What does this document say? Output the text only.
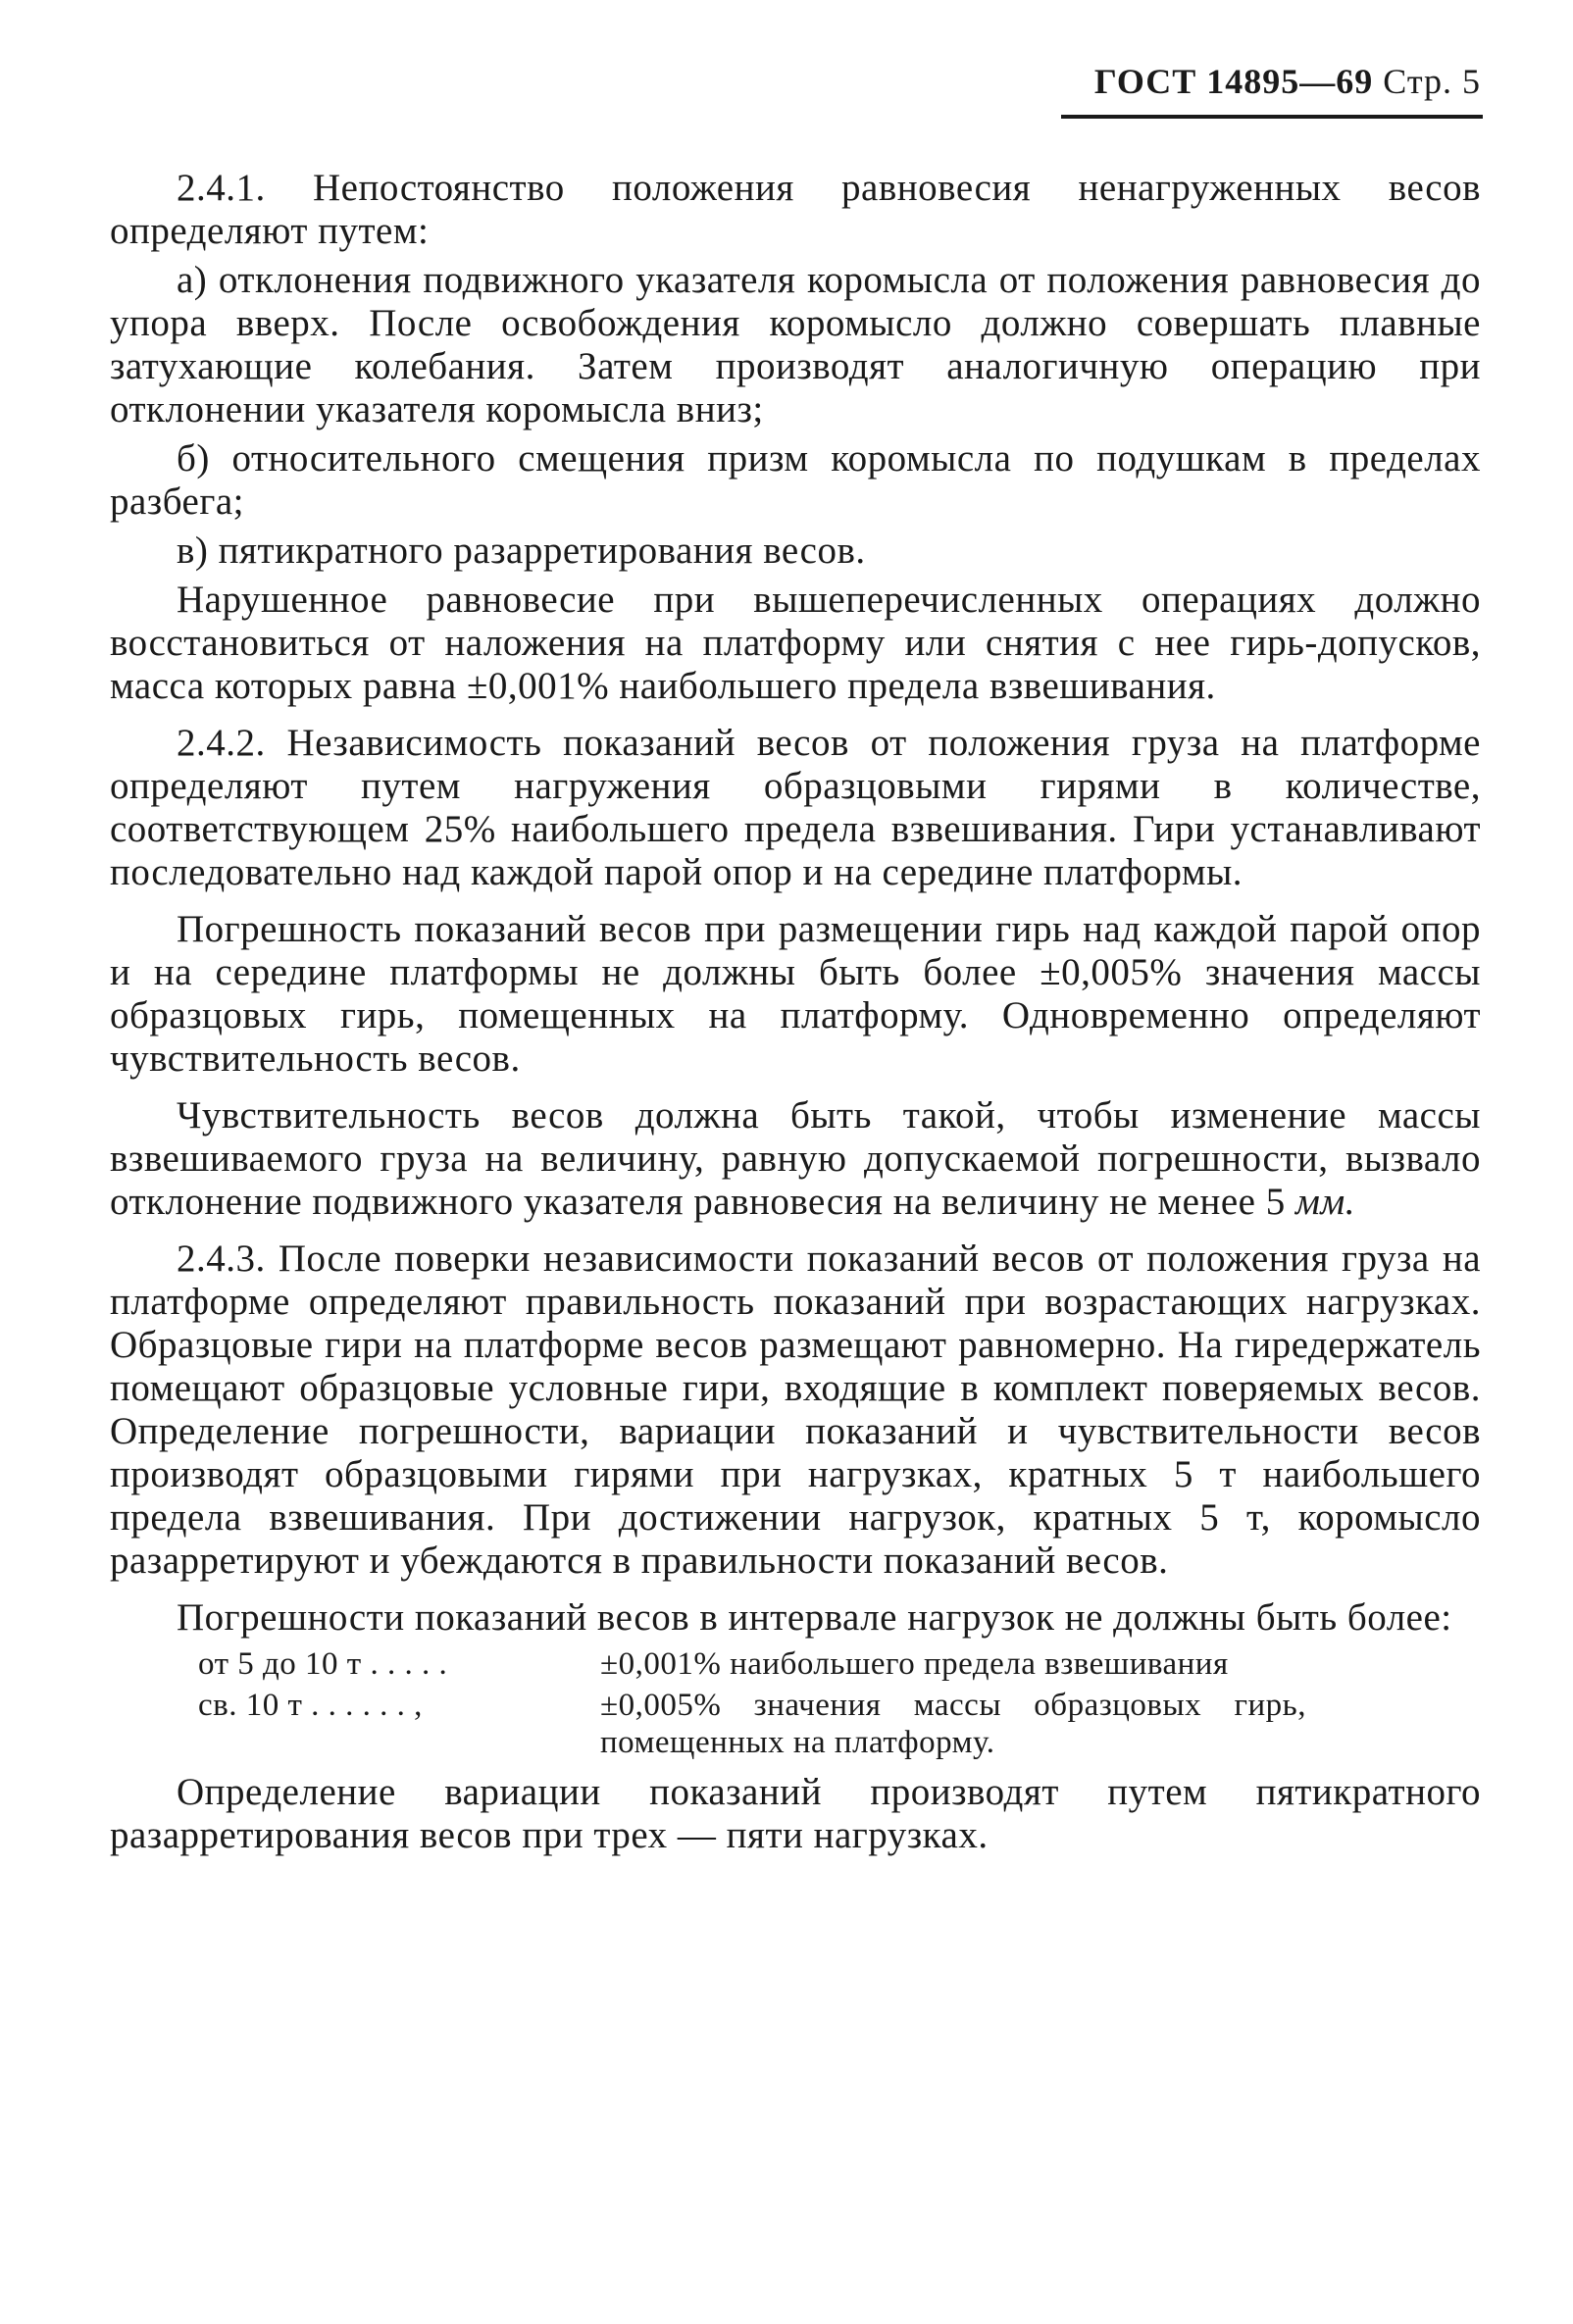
ГОСТ 14895—69 Стр. 5

2.4.1. Непостоянство положения равновесия ненагруженных весов определяют путем:

а) отклонения подвижного указателя коромысла от положения равновесия до упора вверх. После освобождения коромысло должно совершать плавные затухающие колебания. Затем производят аналогичную операцию при отклонении указателя коромысла вниз;

б) относительного смещения призм коромысла по подушкам в пределах разбега;

в) пятикратного разарретирования весов.

Нарушенное равновесие при вышеперечисленных операциях должно восстановиться от наложения на платформу или снятия с нее гирь-допусков, масса которых равна ±0,001% наибольшего предела взвешивания.

2.4.2. Независимость показаний весов от положения груза на платформе определяют путем нагружения образцовыми гирями в количестве, соответствующем 25% наибольшего предела взвешивания. Гири устанавливают последовательно над каждой парой опор и на середине платформы.

Погрешность показаний весов при размещении гирь над каждой парой опор и на середине платформы не должны быть более ±0,005% значения массы образцовых гирь, помещенных на платформу. Одновременно определяют чувствительность весов.

Чувствительность весов должна быть такой, чтобы изменение массы взвешиваемого груза на величину, равную допускаемой погрешности, вызвало отклонение подвижного указателя равновесия на величину не менее 5 мм.

2.4.3. После поверки независимости показаний весов от положения груза на платформе определяют правильность показаний при возрастающих нагрузках. Образцовые гири на платформе весов размещают равномерно. На гиредержатель помещают образцовые условные гири, входящие в комплект поверяемых весов. Определение погрешности, вариации показаний и чувствительности весов производят образцовыми гирями при нагрузках, кратных 5 т наибольшего предела взвешивания. При достижении нагрузок, кратных 5 т, коромысло разарретируют и убеждаются в правильности показаний весов.

Погрешности показаний весов в интервале нагрузок не должны быть более:

от 5 до 10 т . . . . .	±0,001% наибольшего предела взвешивания
св. 10 т . . . . . . ,	±0,005% значения массы образцовых гирь, помещенных на платформу.

Определение вариации показаний производят путем пятикратного разарретирования весов при трех — пяти нагрузках.
